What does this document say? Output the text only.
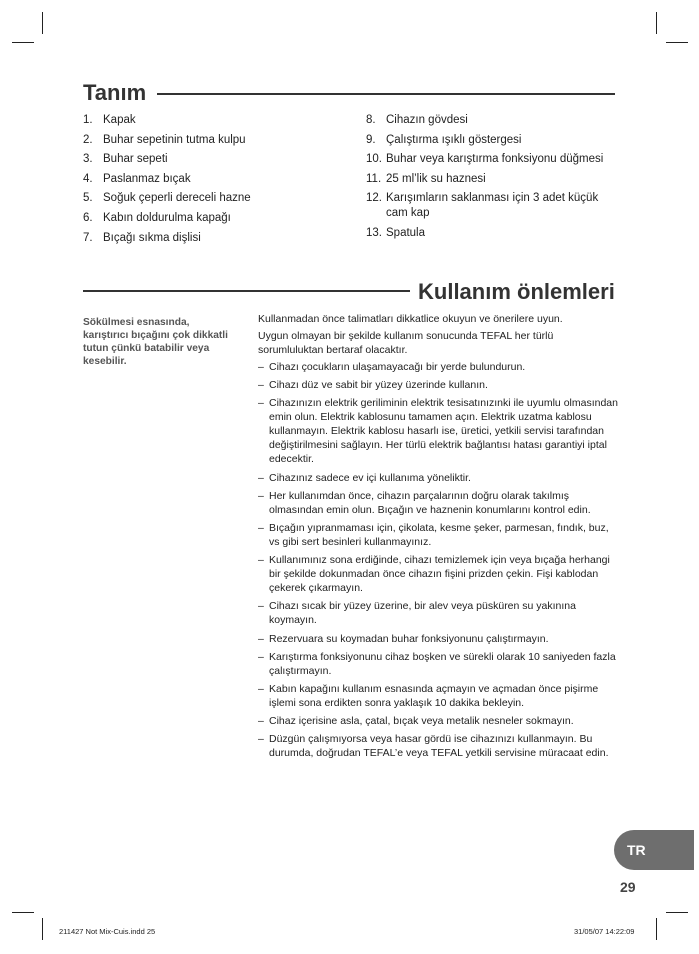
Tanım
1. Kapak
2. Buhar sepetinin tutma kulpu
3. Buhar sepeti
4. Paslanmaz bıçak
5. Soğuk çeperli dereceli hazne
6. Kabın doldurulma kapağı
7. Bıçağı sıkma dişlisi
8. Cihazın gövdesi
9. Çalıştırma ışıklı göstergesi
10. Buhar veya karıştırma fonksiyonu düğmesi
11. 25 ml’lik su haznesi
12. Karışımların saklanması için 3 adet küçük cam kap
13. Spatula
Kullanım önlemleri
Sökülmesi esnasında, karıştırıcı bıçağını çok dikkatli tutun çünkü batabilir veya kesebilir.

Kullanmadan önce talimatları dikkatlice okuyun ve önerilere uyun.

Uygun olmayan bir şekilde kullanım sonucunda TEFAL her türlü sorumluluktan bertaraf olacaktır.

– Cihazı çocukların ulaşamayacağı bir yerde bulundurun.
– Cihazı düz ve sabit bir yüzey üzerinde kullanın.
– Cihazınızın elektrik geriliminin elektrik tesisatınızınki ile uyumlu olmasından emin olun. Elektrik kablosunu tamamen açın. Elektrik uzatma kablosu kullanmayın. Elektrik kablosu hasarlı ise, üretici, yetkili servisi tarafından değiştirilmesini sağlayın. Her türlü elektrik bağlantısı hatası garantiyi iptal edecektir.
– Cihazınız sadece ev içi kullanıma yöneliktir.
– Her kullanımdan önce, cihazın parçalarının doğru olarak takılmış olmasından emin olun. Bıçağın ve haznenin konumlarını kontrol edin.
– Bıçağın yıpranmaması için, çikolata, kesme şeker, parmesan, fındık, buz, vs gibi sert besinleri kullanmayınız.
– Kullanımınız sona erdiğinde, cihazı temizlemek için veya bıçağa herhangi bir şekilde dokunmadan önce cihazın fişini prizden çekin. Fişi kablodan çekerek çıkarmayın.
– Cihazı sıcak bir yüzey üzerine, bir alev veya püsküren su yakınına koymayın.
– Rezervuara su koymadan buhar fonksiyonunu çalıştırmayın.
– Karıştırma fonksiyonunu cihaz boşken ve sürekli olarak 10 saniyeden fazla çalıştırmayın.
– Kabın kapağını kullanım esnasında açmayın ve açmadan önce pişirme işlemi sona erdikten sonra yaklaşık 10 dakika bekleyin.
– Cihaz içerisine asla, çatal, bıçak veya metalik nesneler sokmayın.
– Düzgün çalışmıyorsa veya hasar gördü ise cihazınızı kullanmayın. Bu durumda, doğrudan TEFAL’e veya TEFAL yetkili servisine müracaat edin.
TR
29
211427 Not Mix-Cuis.indd 25	31/05/07 14:22:09
